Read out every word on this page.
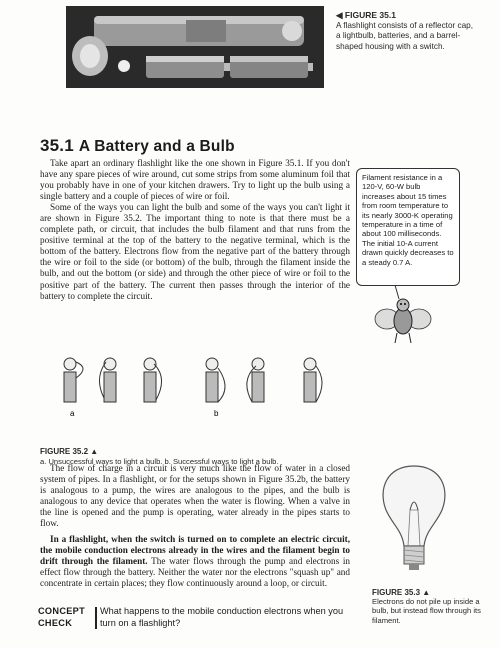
◀ FIGURE 35.1
A flashlight consists of a reflector cap, a lightbulb, batteries, and a barrel-shaped housing with a switch.
35.1 A Battery and a Bulb

Take apart an ordinary flashlight like the one shown in Figure 35.1. If you don't have any spare pieces of wire around, cut some strips from some aluminum foil that you probably have in one of your kitchen drawers. Try to light up the bulb using a single battery and a couple of pieces of wire or foil.

Some of the ways you can light the bulb and some of the ways you can't light it are shown in Figure 35.2. The important thing to note is that there must be a complete path, or circuit, that includes the bulb filament and that runs from the positive terminal at the top of the battery to the negative terminal, which is the bottom of the battery. Electrons flow from the negative part of the battery through the wire or foil to the side (or bottom) of the bulb, through the filament inside the bulb, and out the bottom (or side) and through the other piece of wire or foil to the positive part of the battery. The current then passes through the interior of the battery to complete the circuit.

Filament resistance in a 120-V, 60-W bulb increases about 15 times from room temperature to its nearly 3000-K operating temperature in a time of about 100 milliseconds. The initial 10-A current drawn quickly decreases to a steady 0.7 A.
a	b
FIGURE 35.2 ▲
a. Unsuccessful ways to light a bulb. b. Successful ways to light a bulb.

The flow of charge in a circuit is very much like the flow of water in a closed system of pipes. In a flashlight, or for the setups shown in Figure 35.2b, the battery is analogous to a pump, the wires are analogous to the pipes, and the bulb is analogous to any device that operates when the water is flowing. When a valve in the line is opened and the pump is operating, water already in the pipes starts to flow.

In a flashlight, when the switch is turned on to complete an electric circuit, the mobile conduction electrons already in the wires and the filament begin to drift through the filament. The water flows through the pump and electrons in effect flow through the battery. Neither the water nor the electrons "squash up" and concentrate in certain places; they flow continuously around a loop, or circuit.

FIGURE 35.3 ▲
Electrons do not pile up inside a bulb, but instead flow through its filament.
CONCEPT
CHECK
What happens to the mobile conduction electrons when you turn on a flashlight?
